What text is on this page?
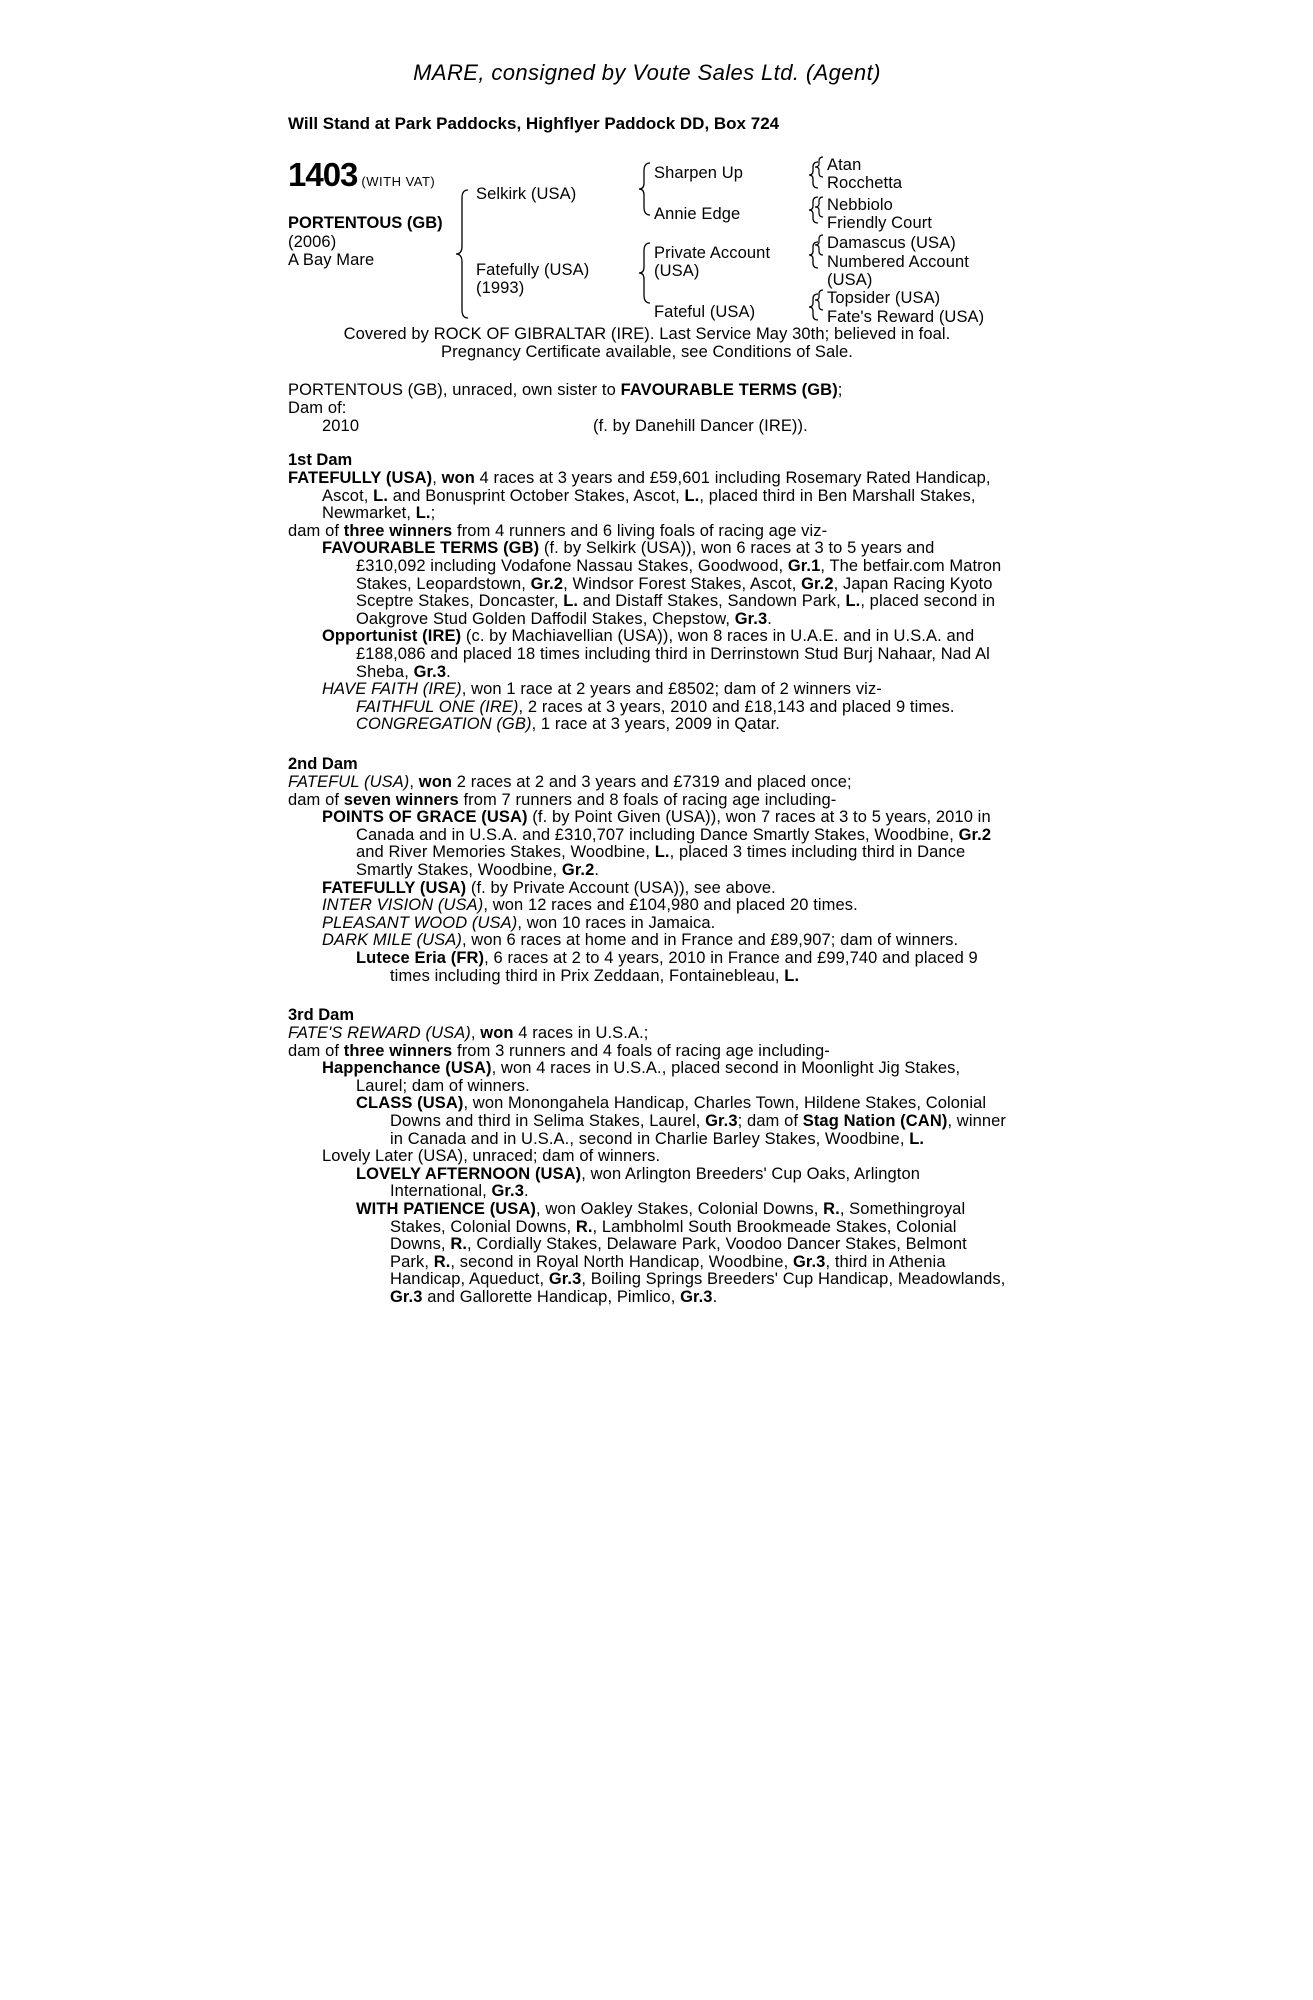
MARE, consigned by Voute Sales Ltd. (Agent)
Will Stand at Park Paddocks, Highflyer Paddock DD, Box 724
1403 (WITH VAT)
PORTENTOUS (GB)
(2006)
A Bay Mare
Selkirk (USA)
Fatefully (USA)
(1993)
Sharpen Up
Annie Edge
Private Account
(USA)
Fateful (USA)
Atan
Rocchetta
Nebbiolo
Friendly Court
Damascus (USA)
Numbered Account
(USA)
Topsider (USA)
Fate's Reward (USA)
Covered by ROCK OF GIBRALTAR (IRE). Last Service May 30th; believed in foal.
Pregnancy Certificate available, see Conditions of Sale.
PORTENTOUS (GB), unraced, own sister to FAVOURABLE TERMS (GB);
Dam of:
2010	(f. by Danehill Dancer (IRE)).
1st Dam
FATEFULLY (USA), won 4 races at 3 years and £59,601 including Rosemary Rated Handicap, Ascot, L. and Bonusprint October Stakes, Ascot, L., placed third in Ben Marshall Stakes, Newmarket, L.;
dam of three winners from 4 runners and 6 living foals of racing age viz-
FAVOURABLE TERMS (GB) (f. by Selkirk (USA)), won 6 races at 3 to 5 years and £310,092 including Vodafone Nassau Stakes, Goodwood, Gr.1, The betfair.com Matron Stakes, Leopardstown, Gr.2, Windsor Forest Stakes, Ascot, Gr.2, Japan Racing Kyoto Sceptre Stakes, Doncaster, L. and Distaff Stakes, Sandown Park, L., placed second in Oakgrove Stud Golden Daffodil Stakes, Chepstow, Gr.3.
Opportunist (IRE) (c. by Machiavellian (USA)), won 8 races in U.A.E. and in U.S.A. and £188,086 and placed 18 times including third in Derrinstown Stud Burj Nahaar, Nad Al Sheba, Gr.3.
HAVE FAITH (IRE), won 1 race at 2 years and £8502; dam of 2 winners viz-
FAITHFUL ONE (IRE), 2 races at 3 years, 2010 and £18,143 and placed 9 times.
CONGREGATION (GB), 1 race at 3 years, 2009 in Qatar.
2nd Dam
FATEFUL (USA), won 2 races at 2 and 3 years and £7319 and placed once;
dam of seven winners from 7 runners and 8 foals of racing age including-
POINTS OF GRACE (USA) (f. by Point Given (USA)), won 7 races at 3 to 5 years, 2010 in Canada and in U.S.A. and £310,707 including Dance Smartly Stakes, Woodbine, Gr.2 and River Memories Stakes, Woodbine, L., placed 3 times including third in Dance Smartly Stakes, Woodbine, Gr.2.
FATEFULLY (USA) (f. by Private Account (USA)), see above.
INTER VISION (USA), won 12 races and £104,980 and placed 20 times.
PLEASANT WOOD (USA), won 10 races in Jamaica.
DARK MILE (USA), won 6 races at home and in France and £89,907; dam of winners.
Lutece Eria (FR), 6 races at 2 to 4 years, 2010 in France and £99,740 and placed 9 times including third in Prix Zeddaan, Fontainebleau, L.
3rd Dam
FATE'S REWARD (USA), won 4 races in U.S.A.;
dam of three winners from 3 runners and 4 foals of racing age including-
Happenchance (USA), won 4 races in U.S.A., placed second in Moonlight Jig Stakes, Laurel; dam of winners.
CLASS (USA), won Monongahela Handicap, Charles Town, Hildene Stakes, Colonial Downs and third in Selima Stakes, Laurel, Gr.3; dam of Stag Nation (CAN), winner in Canada and in U.S.A., second in Charlie Barley Stakes, Woodbine, L.
Lovely Later (USA), unraced; dam of winners.
LOVELY AFTERNOON (USA), won Arlington Breeders' Cup Oaks, Arlington International, Gr.3.
WITH PATIENCE (USA), won Oakley Stakes, Colonial Downs, R., Somethingroyal Stakes, Colonial Downs, R., Lambholml South Brookmeade Stakes, Colonial Downs, R., Cordially Stakes, Delaware Park, Voodoo Dancer Stakes, Belmont Park, R., second in Royal North Handicap, Woodbine, Gr.3, third in Athenia Handicap, Aqueduct, Gr.3, Boiling Springs Breeders' Cup Handicap, Meadowlands, Gr.3 and Gallorette Handicap, Pimlico, Gr.3.
